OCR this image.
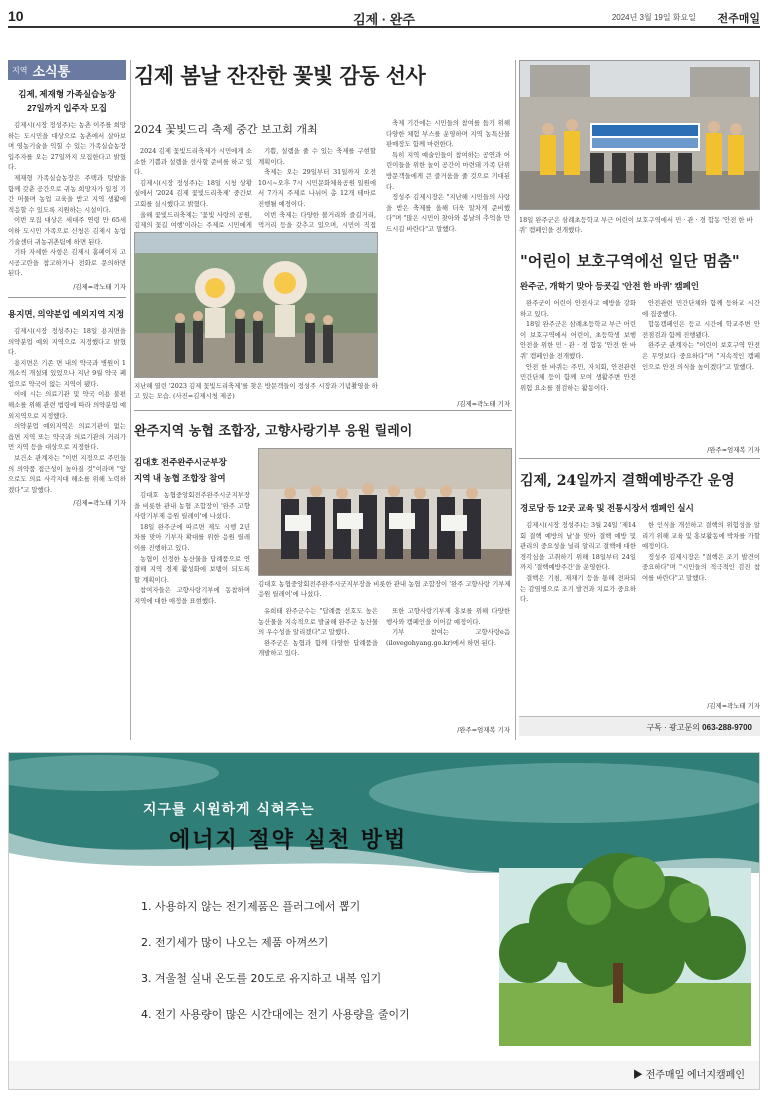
10	김제 · 완주	2024년 3월 19일 화요일 전주매일
지역 소식통
김제, 제재형 가족실습농장
27일까지 입주자 모집

김제시(시장 정성주)는 농촌 이주를 희망하는 도시민을 대상으로 농촌에서 살아보며 영농기술을 익힐 수 있는 가족실습농장 입주자를 오는 27일까지 모집한다고 밝혔다.

제재형 가족실습농장은 주택과 텃밭을 함께 갖춘 공간으로 귀농 희망자가 일정 기간 머물며 농업 교육을 받고 지역 생활에 적응할 수 있도록 지원하는 시설이다.

이번 모집 대상은 세대주 연령 만 65세 이하 도시민 가족으로 신청은 김제시 농업기술센터 귀농귀촌팀에 하면 된다.

기타 자세한 사항은 김제시 홈페이지 고시공고란을 참고하거나 전화로 문의하면 된다.

/김제=곽노태 기자
용지면, 의약분업 예외지역 지정

김제시(시장 정성주)는 18일 용지면을 의약분업 예외 지역으로 지정했다고 밝혔다.

용지면은 기존 면 내의 약국과 병원이 1개소씩 개설돼 있었으나 지난 9월 약국 폐업으로 약국이 없는 지역이 됐다.

이에 시는 의료기관 및 약국 이용 불편 해소를 위해 관련 법령에 따라 의약분업 예외지역으로 지정했다.

의약분업 예외지역은 의료기관이 없는 읍면 지역 또는 약국과 의료기관의 거리가 먼 지역 등을 대상으로 지정한다.

보건소 관계자는 "이번 지정으로 주민들의 의약품 접근성이 높아질 것"이라며 "앞으로도 의료 사각지대 해소를 위해 노력하겠다"고 말했다.

/김제=곽노태 기자
김제 봄날 잔잔한 꽃빛 감동 선사
2024 꽃빛드리 축제 중간 보고회 개최

2024 김제 꽃빛드리축제가 시민에게 소소한 기쁨과 설렘을 선사할 준비를 하고 있다.

김제시(시장 정성주)는 18일 시청 상황실에서 '2024 김제 꽃빛드리축제' 중간보고회를 실시했다고 밝혔다.

올해 꽃빛드리축제는 '꽃빛 사랑의 공원, 김제의 꽃길 여행'이라는 주제로 시민에게

기쁨, 설렘을 줄 수 있는 축제를 구현할 계획이다.

축제는 오는 29일부터 31일까지 오전 10시~오후 7시 시민문화체육공원 일원에서 7가지 주제로 나뉘어 총 12개 테마로 진행될 예정이다.

이번 축제는 다양한 볼거리와 즐길거리, 먹거리 등을 갖추고 있으며, 시민이 직접

지난해 열린 '2023 김제 꽃빛드리축제'를 찾은 방문객들이 정성주 시장과 기념촬영을 하고 있는 모습. (사진=김제시청 제공)

축제 기간에는 시민들의 참여를 돕기 위해 다양한 체험 부스를 운영하며 지역 농특산물 판매장도 함께 마련한다.

특히 지역 예술인들이 참여하는 공연과 어린이들을 위한 놀이 공간이 마련돼 가족 단위 방문객들에게 큰 즐거움을 줄 것으로 기대된다.

정성주 김제시장은 "지난해 시민들의 사랑을 받은 축제를 올해 더욱 알차게 준비했다"며 "많은 시민이 찾아와 봄날의 추억을 만드시길 바란다"고 말했다.

/김제=곽노태 기자
완주지역 농협 조합장, 고향사랑기부 응원 릴레이
김대호 전주완주시군부장
지역 내 농협 조합장 참여

김대호 농협중앙회전주완주시군지부장을 비롯한 관내 농협 조합장이 '완주 고향사랑기부제 응원 릴레이'에 나섰다.

18일 완주군에 따르면 제도 시행 2년 차를 맞아 기부자 확대를 위한 응원 릴레이를 진행하고 있다.

농협이 선정한 농산물을 답례품으로 연결해 지역 경제 활성화에 보탬이 되도록 할 계획이다.

참여자들은 고향사랑기부에 동참하며 지역에 대한 애정을 표현했다.

김대호 농협중앙회전주완주시군지부장을 비롯한 관내 농협 조합장이 '완주 고향사랑 기부제 응원 릴레이'에 나섰다.

유희태 완주군수는 "답례품 선호도 높은 농산물을 지속적으로 발굴해 완주군 농산물의 우수성을 알리겠다"고 말했다.

완주군은 농협과 함께 다양한 답례품을 개발하고 있다.

또한 고향사랑기부제 홍보를 위해 다양한 행사와 캠페인을 이어갈 예정이다.

기부 참여는 고향사랑e음(ilovegohyang.go.kr)에서 하면 된다.

/완주=엄재복 기자
18일 완주군은 삼례초등학교 부근 어린이 보호구역에서 민 · 관 · 경 합동 '안전 한 바퀴' 캠페인을 전개했다.
"어린이 보호구역에선 일단 멈춤"
완주군, 개학기 맞아 등굣길 '안전 한 바퀴' 캠페인

완주군이 어린이 안전사고 예방을 강화하고 있다.

18일 완주군은 삼례초등학교 부근 어린이 보호구역에서 어린이, 초등학생 보행 안전을 위한 민 · 관 · 경 합동 '안전 한 바퀴' 캠페인을 전개했다.

안전 한 바퀴는 주민, 자치회, 안전관련 민간단체 등이 함께 모여 생활주변 안전 위험 요소를 점검하는 활동이다.

안전관련 민간단체와 함께 등하교 시간에 집중했다.

합동캠페인은 등교 시간에 학교주변 안전점검과 함께 진행됐다.

완주군 관계자는 "어린이 보호구역 안전은 무엇보다 중요하다"며 "지속적인 캠페인으로 안전 의식을 높이겠다"고 말했다.

/완주=엄재복 기자
김제, 24일까지 결핵예방주간 운영
경로당 등 12곳 교육 및 전통시장서 캠페인 실시

김제시(시장 정성주)는 3월 24일 '제14회 결핵 예방의 날'을 맞아 결핵 예방 및 관리의 중요성을 널리 알리고 결핵에 대한 경각심을 고취하기 위해 18일부터 24일까지 '결핵예방주간'을 운영한다.

결핵은 기침, 재채기 등을 통해 전파되는 감염병으로 조기 발견과 치료가 중요하다.

한 인식을 개선하고 결핵의 위험성을 알리기 위해 교육 및 홍보활동에 박차를 가할 예정이다.

정성주 김제시장은 "결핵은 조기 발견이 중요하다"며 "시민들의 적극적인 검진 참여를 바란다"고 말했다.

/김제=곽노태 기자
구독 · 광고문의 063-288-9700
지구를 시원하게 식혀주는
에너지 절약 실천 방법
1. 사용하지 않는 전기제품은 플러그에서 뽑기
2. 전기세가 많이 나오는 제품 아껴쓰기
3. 겨울철 실내 온도를 20도로 유지하고 내복 입기
4. 전기 사용량이 많은 시간대에는 전기 사용량을 줄이기
▶ 전주매일 에너지캠페인
